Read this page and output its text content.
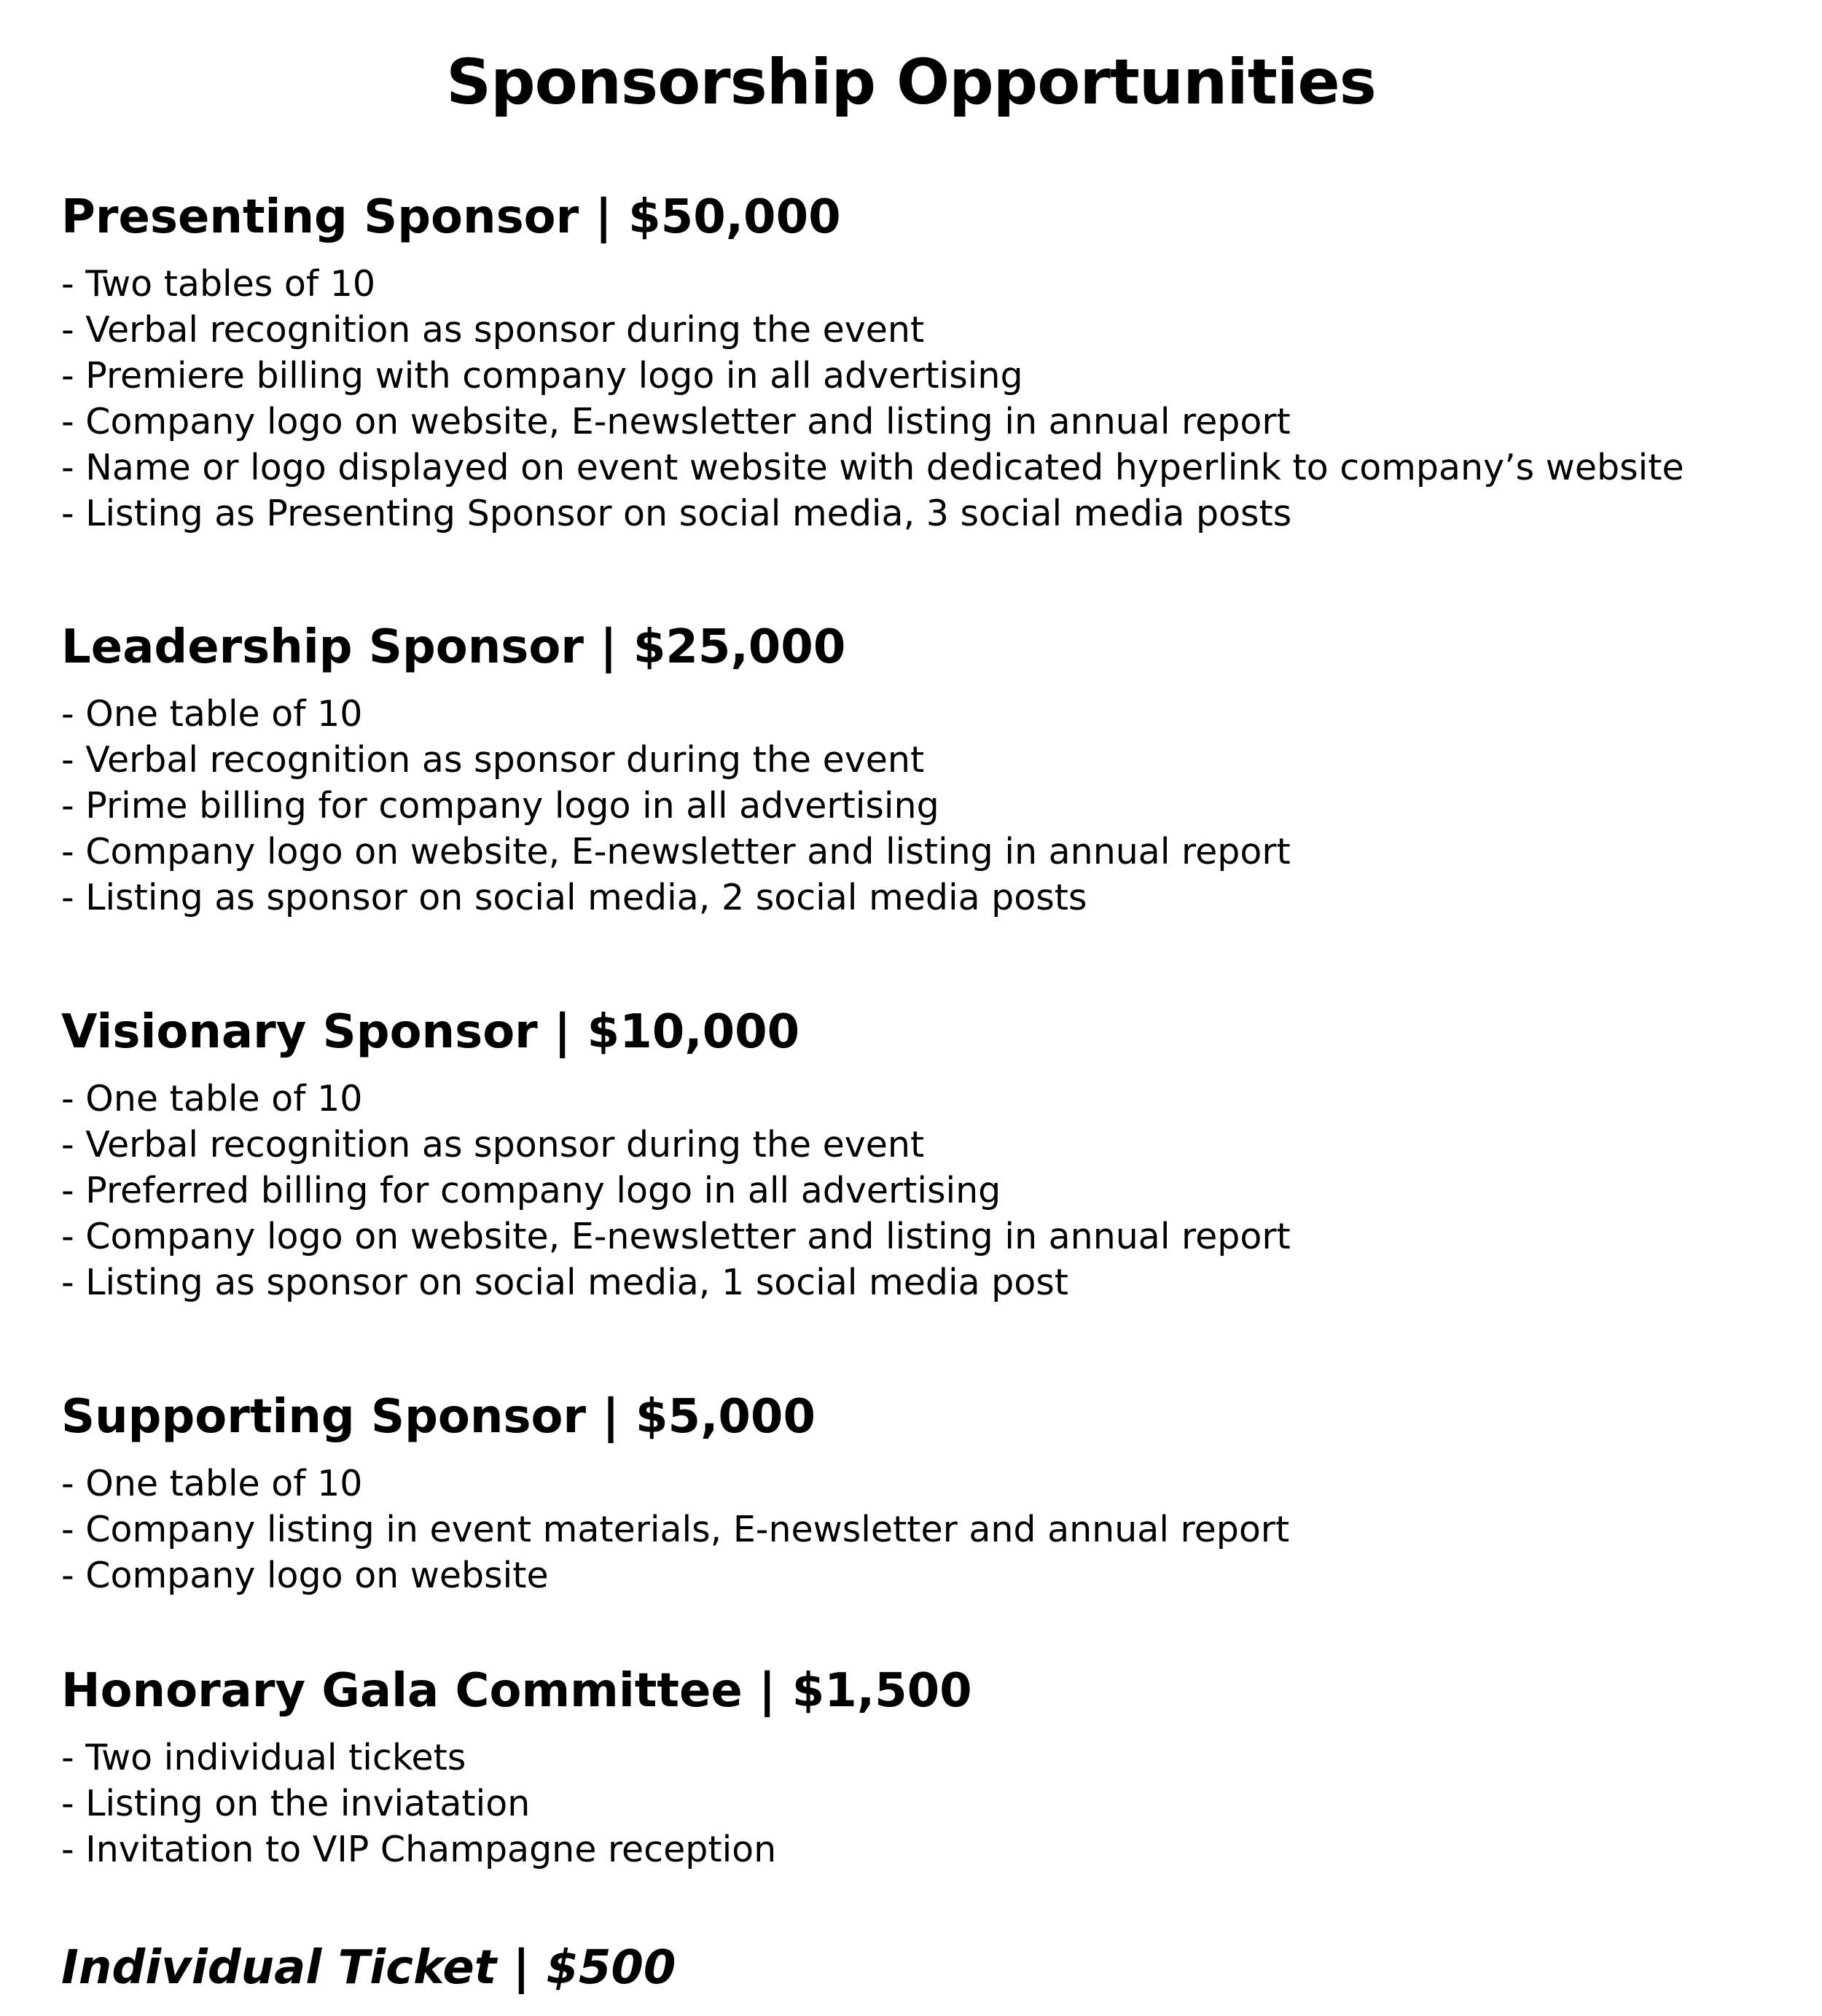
Sponsorship Opportunities
Presenting Sponsor | $50,000
- Two tables of 10
- Verbal recognition as sponsor during the event
- Premiere billing with company logo in all advertising
- Company logo on website, E-newsletter and listing in annual report
- Name or logo displayed on event website with dedicated hyperlink to company’s website
- Listing as Presenting Sponsor on social media, 3 social media posts
Leadership Sponsor | $25,000
- One table of 10
- Verbal recognition as sponsor during the event
- Prime billing for company logo in all advertising
- Company logo on website, E-newsletter and listing in annual report
- Listing as sponsor on social media, 2 social media posts
Visionary Sponsor | $10,000
- One table of 10
- Verbal recognition as sponsor during the event
- Preferred billing for company logo in all advertising
- Company logo on website, E-newsletter and listing in annual report
- Listing as sponsor on social media, 1 social media post
Supporting Sponsor | $5,000
- One table of 10
- Company listing in event materials, E-newsletter and annual report
- Company logo on website
Honorary Gala Committee | $1,500
- Two individual tickets
- Listing on the inviatation
- Invitation to VIP Champagne reception
Individual Ticket | $500
